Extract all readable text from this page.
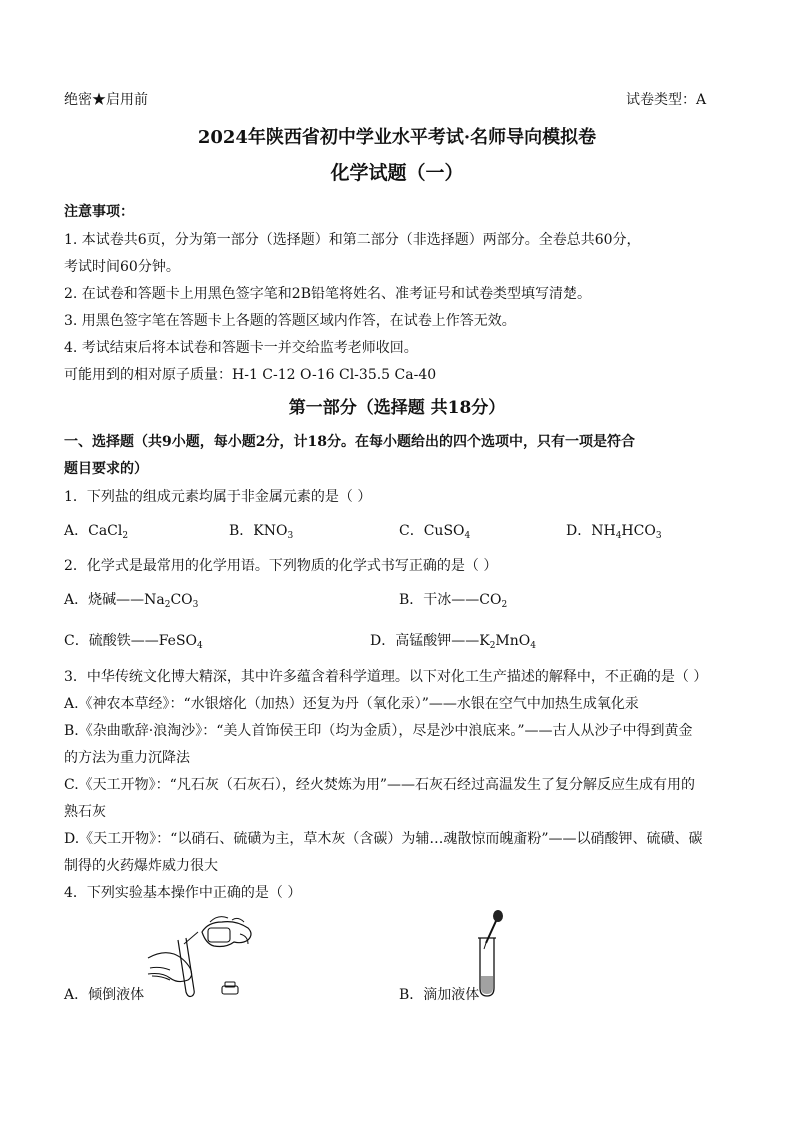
绝密★启用前	试卷类型：A
2024年陕西省初中学业水平考试·名师导向模拟卷
化学试题（一）
注意事项：
1. 本试卷共6页，分为第一部分（选择题）和第二部分（非选择题）两部分。全卷总共60分，
考试时间60分钟。
2. 在试卷和答题卡上用黑色签字笔和2B铅笔将姓名、准考证号和试卷类型填写清楚。
3. 用黑色签字笔在答题卡上各题的答题区域内作答，在试卷上作答无效。
4. 考试结束后将本试卷和答题卡一并交给监考老师收回。
可能用到的相对原子质量：H-1 C-12 O-16 Cl-35.5 Ca-40
第一部分（选择题 共18分）
一、选择题（共9小题，每小题2分，计18分。在每小题给出的四个选项中，只有一项是符合
题目要求的）
1．下列盐的组成元素均属于非金属元素的是（ ）
A．CaCl$_2$	B．$KNO_3$	C．CuSO$_4$	D．$NH_4HCO_3$
2．化学式是最常用的化学用语。下列物质的化学式书写正确的是（ ）
A．烧碱$——Na_2CO_3$	B．干冰$——CO_2$
C．硫酸铁——FeSO$_4$	D．高锰酸钾$——K_2MnO_4$
3．中华传统文化博大精深，其中许多蕴含着科学道理。以下对化工生产描述的解释中，不正确的是（ ）
A.《神农本草经》：“水银熔化（加热）还复为丹（氧化汞）”——水银在空气中加热生成氧化汞
B.《杂曲歌辞·浪淘沙》：“美人首饰侯王印（均为金质），尽是沙中浪底来。”——古人从沙子中得到黄金
的方法为重力沉降法
C.《天工开物》：“凡石灰（石灰石），经火焚炼为用”——石灰石经过高温发生了复分解反应生成有用的
熟石灰
D.《天工开物》：“以硝石、硫磺为主，草木灰（含碳）为辅…魂散惊而魄齑粉”——以硝酸钾、硫磺、碳
制得的火药爆炸威力很大
4．下列实验基本操作中正确的是（ ）
A．倾倒液体	B．滴加液体
